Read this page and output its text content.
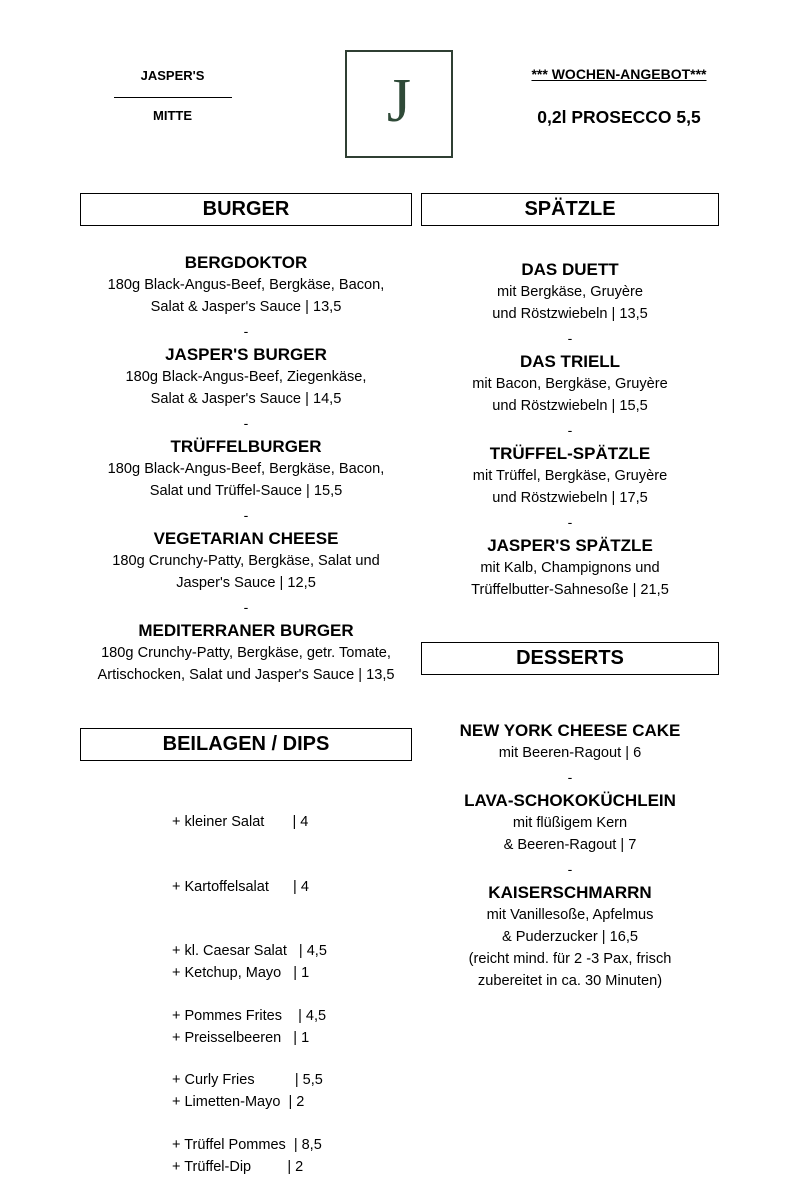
JASPER'S
MITTE	J	*** WOCHEN-ANGEBOT***
0,2l PROSECCO 5,5
BURGER	SPÄTZLE
BEILAGEN / DIPS
DESSERTS
BERGDOKTOR
180g Black-Angus-Beef, Bergkäse, Bacon,
Salat & Jasper's Sauce | 13,5
-
JASPER'S BURGER
180g Black-Angus-Beef, Ziegenkäse,
Salat & Jasper's Sauce | 14,5
-
TRÜFFELBURGER
180g Black-Angus-Beef, Bergkäse, Bacon,
Salat und Trüffel-Sauce | 15,5
-
VEGETARIAN CHEESE
180g Crunchy-Patty, Bergkäse, Salat und
Jasper's Sauce | 12,5
-
MEDITERRANER BURGER
180g Crunchy-Patty, Bergkäse, getr. Tomate,
Artischocken, Salat und Jasper's Sauce | 13,5
DAS DUETT
mit Bergkäse, Gruyère
und Röstzwiebeln | 13,5
-
DAS TRIELL
mit Bacon, Bergkäse, Gruyère
und Röstzwiebeln | 15,5
-
TRÜFFEL-SPÄTZLE
mit Trüffel, Bergkäse, Gruyère
und Röstzwiebeln | 17,5
-
JASPER'S SPÄTZLE
mit Kalb, Champignons und
Trüffelbutter-Sahnesoße | 21,5

+ kleiner Salat       | 4

+ Kartoffelsalat      | 4

+ kl. Caesar Salat   | 4,5

+ Pommes Frites    | 4,5

+ Curly Fries          | 5,5

+ Trüffel Pommes  | 8,5

+ Ketchup, Mayo   | 1

+ Preisselbeeren   | 1

+ Limetten-Mayo  | 2

+ Trüffel-Dip         | 2

NEW YORK CHEESE CAKE
mit Beeren-Ragout | 6
-
LAVA-SCHOKOKÜCHLEIN
mit flüßigem Kern
& Beeren-Ragout | 7
-
KAISERSCHMARRN
mit Vanillesoße, Apfelmus
& Puderzucker | 16,5
(reicht mind. für 2 -3 Pax, frisch
zubereitet in ca. 30 Minuten)
